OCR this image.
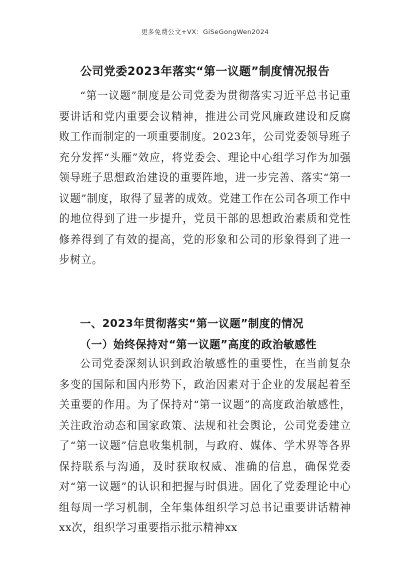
更多免费公文+VX：GiSeGongWen2024
公司党委2023年落实“第一议题”制度情况报告

“第一议题”制度是公司党委为贯彻落实习近平总书记重要讲话和党内重要会议精神，推进公司党风廉政建设和反腐败工作而制定的一项重要制度。2023年，公司党委领导班子充分发挥“头雁”效应，将党委会、理论中心组学习作为加强领导班子思想政治建设的重要阵地，进一步完善、落实“第一议题”制度，取得了显著的成效。党建工作在公司各项工作中的地位得到了进一步提升，党员干部的思想政治素质和党性修养得到了有效的提高，党的形象和公司的形象得到了进一步树立。

一、2023年贯彻落实“第一议题”制度的情况
（一）始终保持对“第一议题”高度的政治敏感性

公司党委深刻认识到政治敏感性的重要性，在当前复杂多变的国际和国内形势下，政治因素对于企业的发展起着至关重要的作用。为了保持对“第一议题”的高度政治敏感性，关注政治动态和国家政策、法规和社会舆论，公司党委建立了“第一议题”信息收集机制，与政府、媒体、学术界等各界保持联系与沟通，及时获取权威、准确的信息，确保党委对“第一议题”的认识和把握与时俱进。固化了党委理论中心组每周一学习机制，全年集体组织学习总书记重要讲话精神xx次，组织学习重要指示批示精神xx
